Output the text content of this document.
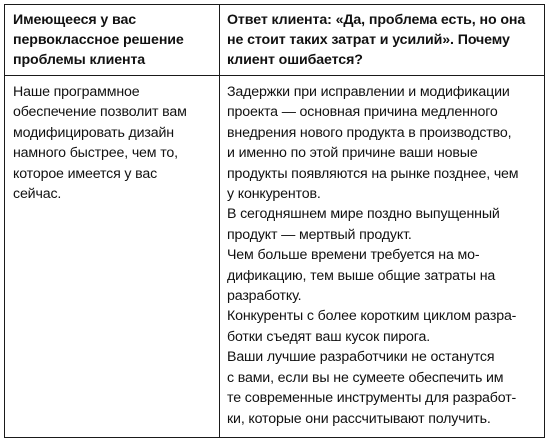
Имеющееся у вас
первоклассное решение
проблемы клиента
Ответ клиента: «Да, проблема есть, но она
не стоит таких затрат и усилий». Почему
клиент ошибается?
Наше программное
обеспечение позволит вам
модифицировать дизайн
намного быстрее, чем то,
которое имеется у вас
сейчас.
Задержки при исправлении и модификации
проекта — основная причина медленного
внедрения нового продукта в производство,
и именно по этой причине ваши новые
продукты появляются на рынке позднее, чем
у конкурентов.
В сегодняшнем мире поздно выпущенный
продукт — мертвый продукт.
Чем больше времени требуется на мо-
дификацию, тем выше общие затраты на
разработку.
Конкуренты с более коротким циклом разра-
ботки съедят ваш кусок пирога.
Ваши лучшие разработчики не останутся
с вами, если вы не сумеете обеспечить им
те современные инструменты для разработ-
ки, которые они рассчитывают получить.
